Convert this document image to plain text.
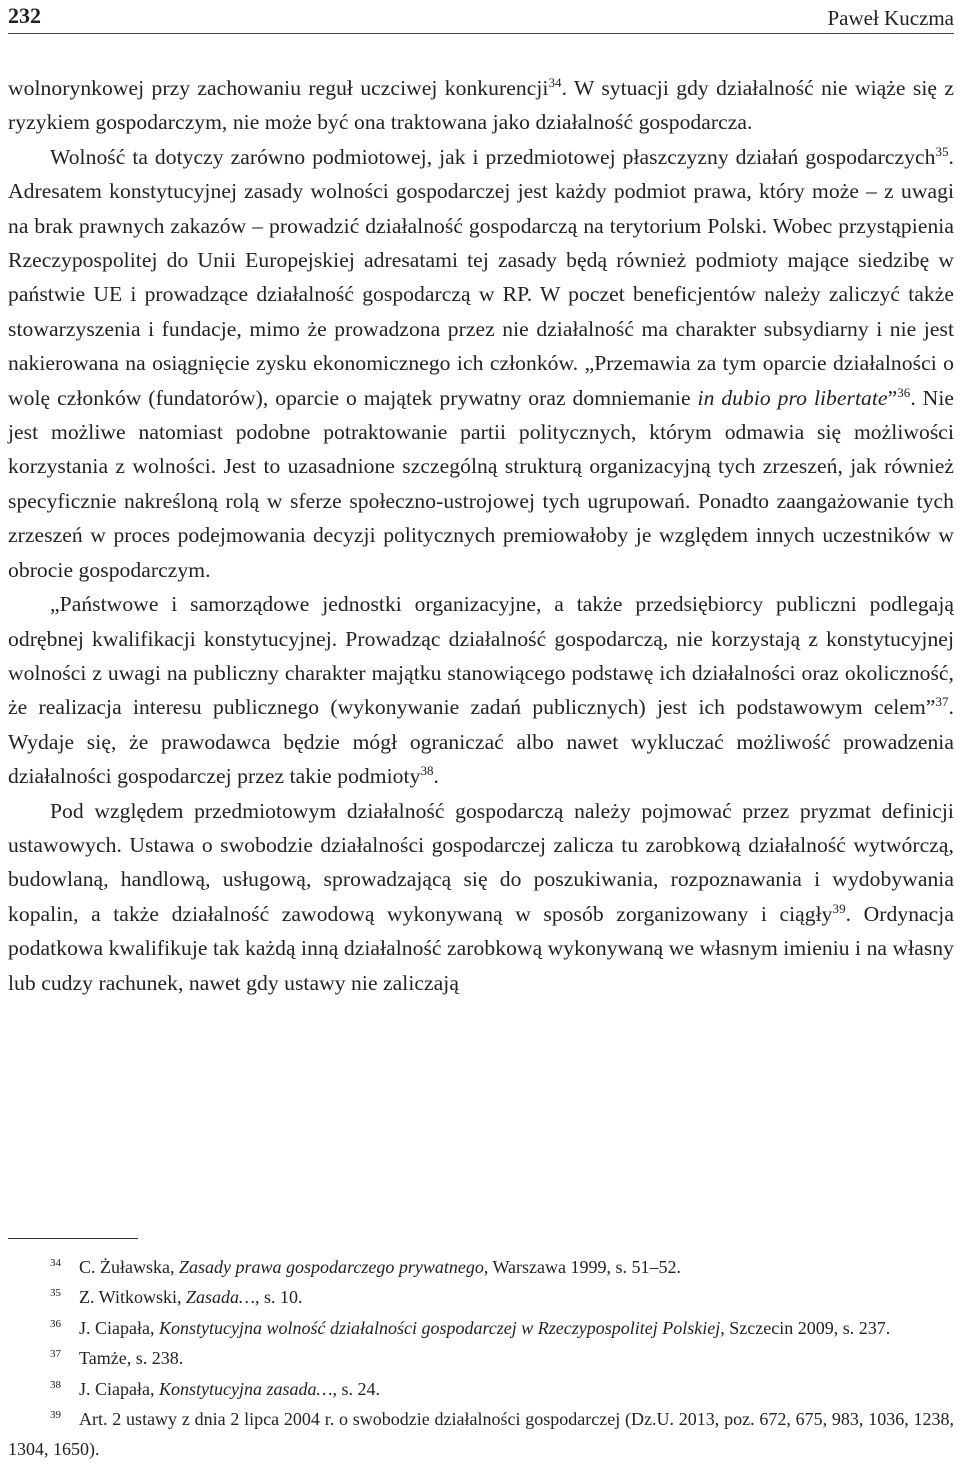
232	Paweł Kuczma

wolnorynkowej przy zachowaniu reguł uczciwej konkurencji$^{34}$. W sytuacji gdy działalność nie wiąże się z ryzykiem gospodarczym, nie może być ona traktowana jako działalność gospodarcza.

Wolność ta dotyczy zarówno podmiotowej, jak i przedmiotowej płaszczyzny działań gospodarczych$^{35}$. Adresatem konstytucyjnej zasady wolności gospodarczej jest każdy podmiot prawa, który może – z uwagi na brak prawnych zakazów – prowadzić działalność gospodarczą na terytorium Polski. Wobec przystąpienia Rzeczypospolitej do Unii Europejskiej adresatami tej zasady będą również podmioty mające siedzibę w państwie UE i prowadzące działalność gospodarczą w RP. W poczet beneficjentów należy zaliczyć także stowarzyszenia i fundacje, mimo że prowadzona przez nie działalność ma charakter subsydiarny i nie jest nakierowana na osiągnięcie zysku ekonomicznego ich członków. „Przemawia za tym oparcie działalności o wolę członków (fundatorów), oparcie o majątek prywatny oraz domniemanie in dubio pro libertate”$^{36}$. Nie jest możliwe natomiast podobne potraktowanie partii politycznych, którym odmawia się możliwości korzystania z wolności. Jest to uzasadnione szczególną strukturą organizacyjną tych zrzeszeń, jak również specyficznie nakreśloną rolą w sferze społeczno-ustrojowej tych ugrupowań. Ponadto zaangażowanie tych zrzeszeń w proces podejmowania decyzji politycznych premiowałoby je względem innych uczestników w obrocie gospodarczym.

„Państwowe i samorządowe jednostki organizacyjne, a także przedsiębiorcy publiczni podlegają odrębnej kwalifikacji konstytucyjnej. Prowadząc działalność gospodarczą, nie korzystają z konstytucyjnej wolności z uwagi na publiczny charakter majątku stanowiącego podstawę ich działalności oraz okoliczność, że realizacja interesu publicznego (wykonywanie zadań publicznych) jest ich podstawowym celem”$^{37}$. Wydaje się, że prawodawca będzie mógł ograniczać albo nawet wykluczać możliwość prowadzenia działalności gospodarczej przez takie podmioty$^{38}$.

Pod względem przedmiotowym działalność gospodarczą należy pojmować przez pryzmat definicji ustawowych. Ustawa o swobodzie działalności gospodarczej zalicza tu zarobkową działalność wytwórczą, budowlaną, handlową, usługową, sprowadzającą się do poszukiwania, rozpoznawania i wydobywania kopalin, a także działalność zawodową wykonywaną w sposób zorganizowany i ciągły$^{39}$. Ordynacja podatkowa kwalifikuje tak każdą inną działalność zarobkową wykonywaną we własnym imieniu i na własny lub cudzy rachunek, nawet gdy ustawy nie zaliczają

$^{34}$ C. Żuławska, Zasady prawa gospodarczego prywatnego, Warszawa 1999, s. 51–52.

$^{35}$ Z. Witkowski, Zasada…, s. 10.

$^{36}$ J. Ciapała, Konstytucyjna wolność działalności gospodarczej w Rzeczypospolitej Polskiej, Szczecin 2009, s. 237.

$^{37}$ Tamże, s. 238.

$^{38}$ J. Ciapała, Konstytucyjna zasada…, s. 24.

$^{39}$ Art. 2 ustawy z dnia 2 lipca 2004 r. o swobodzie działalności gospodarczej (Dz.U. 2013, poz. 672, 675, 983, 1036, 1238, 1304, 1650).
